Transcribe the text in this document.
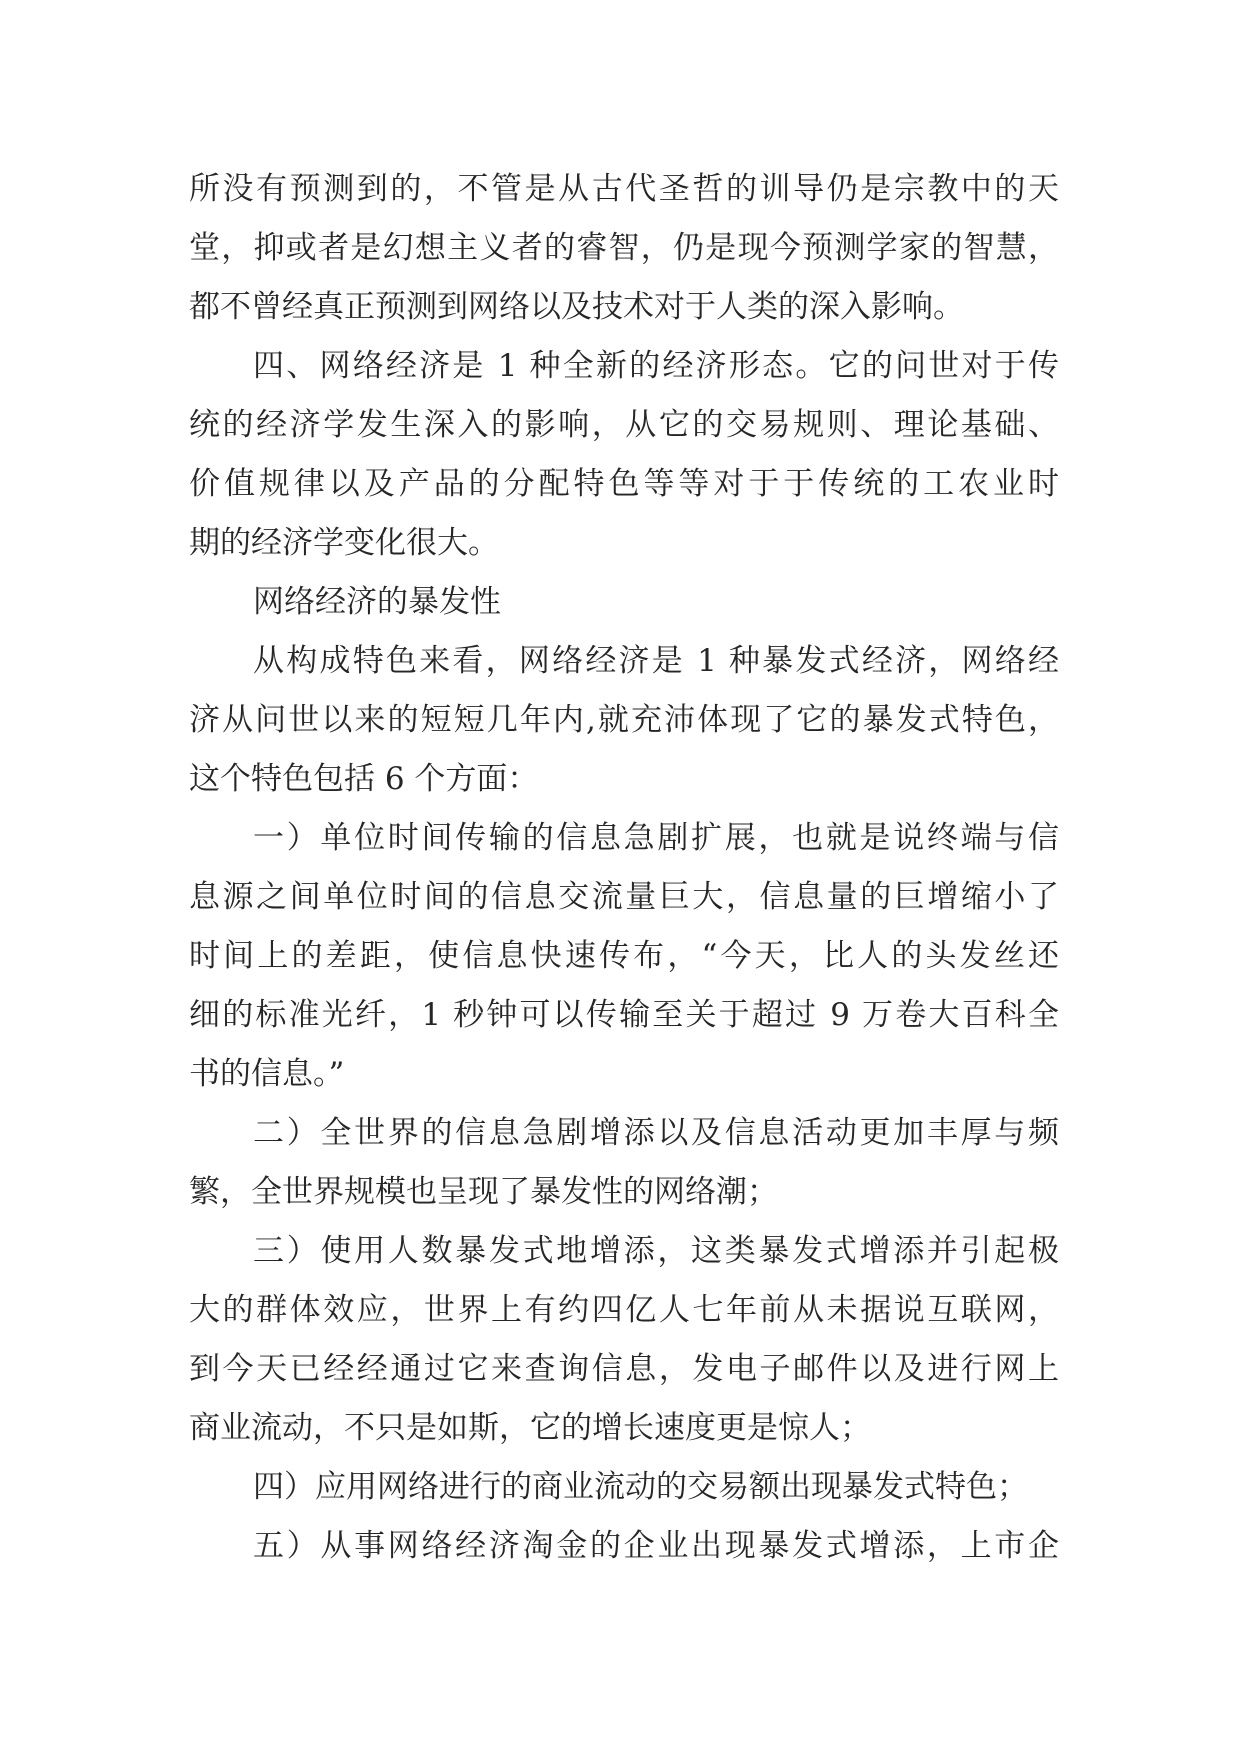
所没有预测到的，不管是从古代圣哲的训导仍是宗教中的天
堂，抑或者是幻想主义者的睿智，仍是现今预测学家的智慧，
都不曾经真正预测到网络以及技术对于人类的深入影响。
四、网络经济是 1 种全新的经济形态。它的问世对于传
统的经济学发生深入的影响，从它的交易规则、理论基础、
价值规律以及产品的分配特色等等对于于传统的工农业时
期的经济学变化很大。
网络经济的暴发性
从构成特色来看，网络经济是 1 种暴发式经济，网络经
济从问世以来的短短几年内,就充沛体现了它的暴发式特色，
这个特色包括 6 个方面：
一）单位时间传输的信息急剧扩展，也就是说终端与信
息源之间单位时间的信息交流量巨大，信息量的巨增缩小了
时间上的差距，使信息快速传布，“今天，比人的头发丝还
细的标准光纤，1 秒钟可以传输至关于超过 9 万卷大百科全
书的信息。”
二）全世界的信息急剧增添以及信息活动更加丰厚与频
繁，全世界规模也呈现了暴发性的网络潮；
三）使用人数暴发式地增添，这类暴发式增添并引起极
大的群体效应，世界上有约四亿人七年前从未据说互联网，
到今天已经经通过它来查询信息，发电子邮件以及进行网上
商业流动，不只是如斯，它的增长速度更是惊人；
四）应用网络进行的商业流动的交易额出现暴发式特色；
五）从事网络经济淘金的企业出现暴发式增添，上市企
